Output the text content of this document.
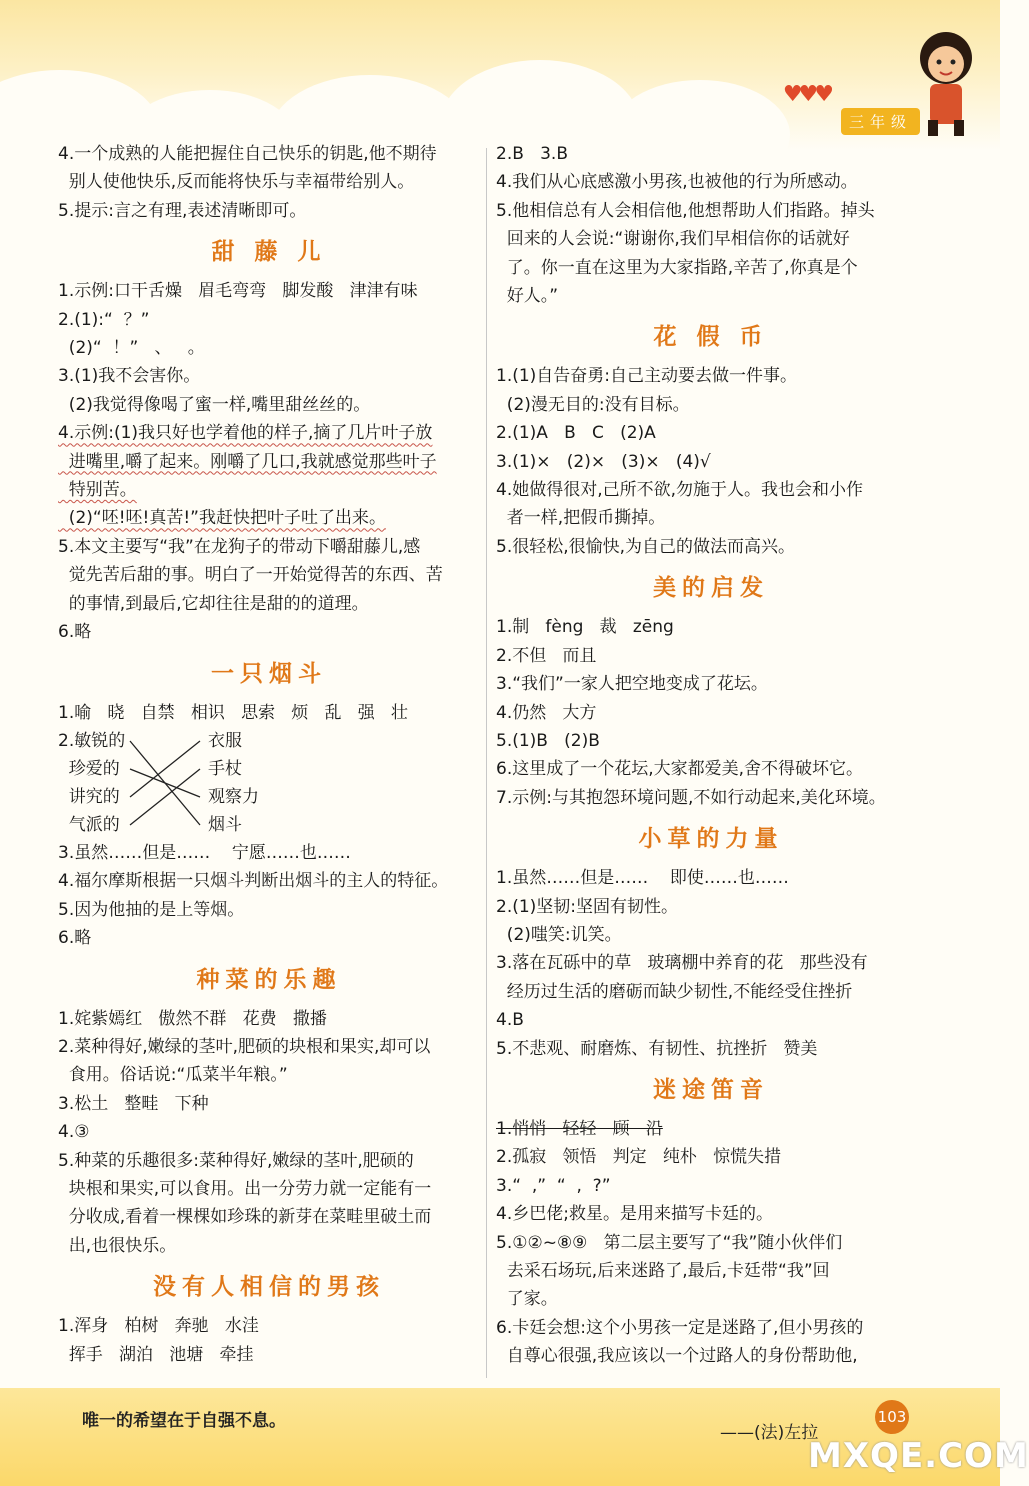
♥♥♥
三年级
4.一个成熟的人能把握住自己快乐的钥匙,他不期待
别人使他快乐,反而能将快乐与幸福带给别人。
5.提示:言之有理,表述清晰即可。
甜 藤 儿
1.示例:口干舌燥   眉毛弯弯   脚发酸   津津有味
2.(1):“  ？”
(2)“  ！”   、   。
3.(1)我不会害你。
(2)我觉得像喝了蜜一样,嘴里甜丝丝的。
4.示例:(1)我只好也学着他的样子,摘了几片叶子放
进嘴里,嚼了起来。刚嚼了几口,我就感觉那些叶子
特别苦。
(2)“呸!呸!真苦!”我赶快把叶子吐了出来。
5.本文主要写“我”在龙狗子的带动下嚼甜藤儿,感
觉先苦后甜的事。明白了一开始觉得苦的东西、苦
的事情,到最后,它却往往是甜的的道理。
6.略
一只烟斗
1.喻   晓   自禁   相识   思索   烦   乱   强   壮
2.敏锐的
珍爱的
讲究的
气派的
衣服
手杖
观察力
烟斗
3.虽然……但是……    宁愿……也……
4.福尔摩斯根据一只烟斗判断出烟斗的主人的特征。
5.因为他抽的是上等烟。
6.略
种菜的乐趣
1.姹紫嫣红   傲然不群   花费   撒播
2.菜种得好,嫩绿的茎叶,肥硕的块根和果实,却可以
食用。俗话说:“瓜菜半年粮。”
3.松土   整畦   下种
4.③
5.种菜的乐趣很多:菜种得好,嫩绿的茎叶,肥硕的
块根和果实,可以食用。出一分劳力就一定能有一
分收成,看着一棵棵如珍珠的新芽在菜畦里破土而
出,也很快乐。
没有人相信的男孩
1.浑身   柏树   奔驰   水洼
挥手   湖泊   池塘   牵挂
2.B   3.B
4.我们从心底感激小男孩,也被他的行为所感动。
5.他相信总有人会相信他,他想帮助人们指路。掉头
回来的人会说:“谢谢你,我们早相信你的话就好
了。你一直在这里为大家指路,辛苦了,你真是个
好人。”
花 假 币
1.(1)自告奋勇:自己主动要去做一件事。
(2)漫无目的:没有目标。
2.(1)A   B   C   (2)A
3.(1)×   (2)×   (3)×   (4)√
4.她做得很对,己所不欲,勿施于人。我也会和小作
者一样,把假币撕掉。
5.很轻松,很愉快,为自己的做法而高兴。
美的启发
1.制   fèng   裁   zēng
2.不但   而且
3.“我们”一家人把空地变成了花坛。
4.仍然   大方
5.(1)B   (2)B
6.这里成了一个花坛,大家都爱美,舍不得破坏它。
7.示例:与其抱怨环境问题,不如行动起来,美化环境。
小草的力量
1.虽然……但是……    即使……也……
2.(1)坚韧:坚固有韧性。
(2)嗤笑:讥笑。
3.落在瓦砾中的草   玻璃棚中养育的花   那些没有
经历过生活的磨砺而缺少韧性,不能经受住挫折
4.B
5.不悲观、耐磨炼、有韧性、抗挫折   赞美
迷途笛音
1.悄悄   轻轻   顾   沿
2.孤寂   领悟   判定   纯朴   惊慌失措
3.“  ,”  “  ,  ?”
4.乡巴佬;救星。是用来描写卡廷的。
5.①②~⑧⑨   第二层主要写了“我”随小伙伴们
去采石场玩,后来迷路了,最后,卡廷带“我”回
了家。
6.卡廷会想:这个小男孩一定是迷路了,但小男孩的
自尊心很强,我应该以一个过路人的身份帮助他,
唯一的希望在于自强不息。
——(法)左拉
103
MXQE.COM
